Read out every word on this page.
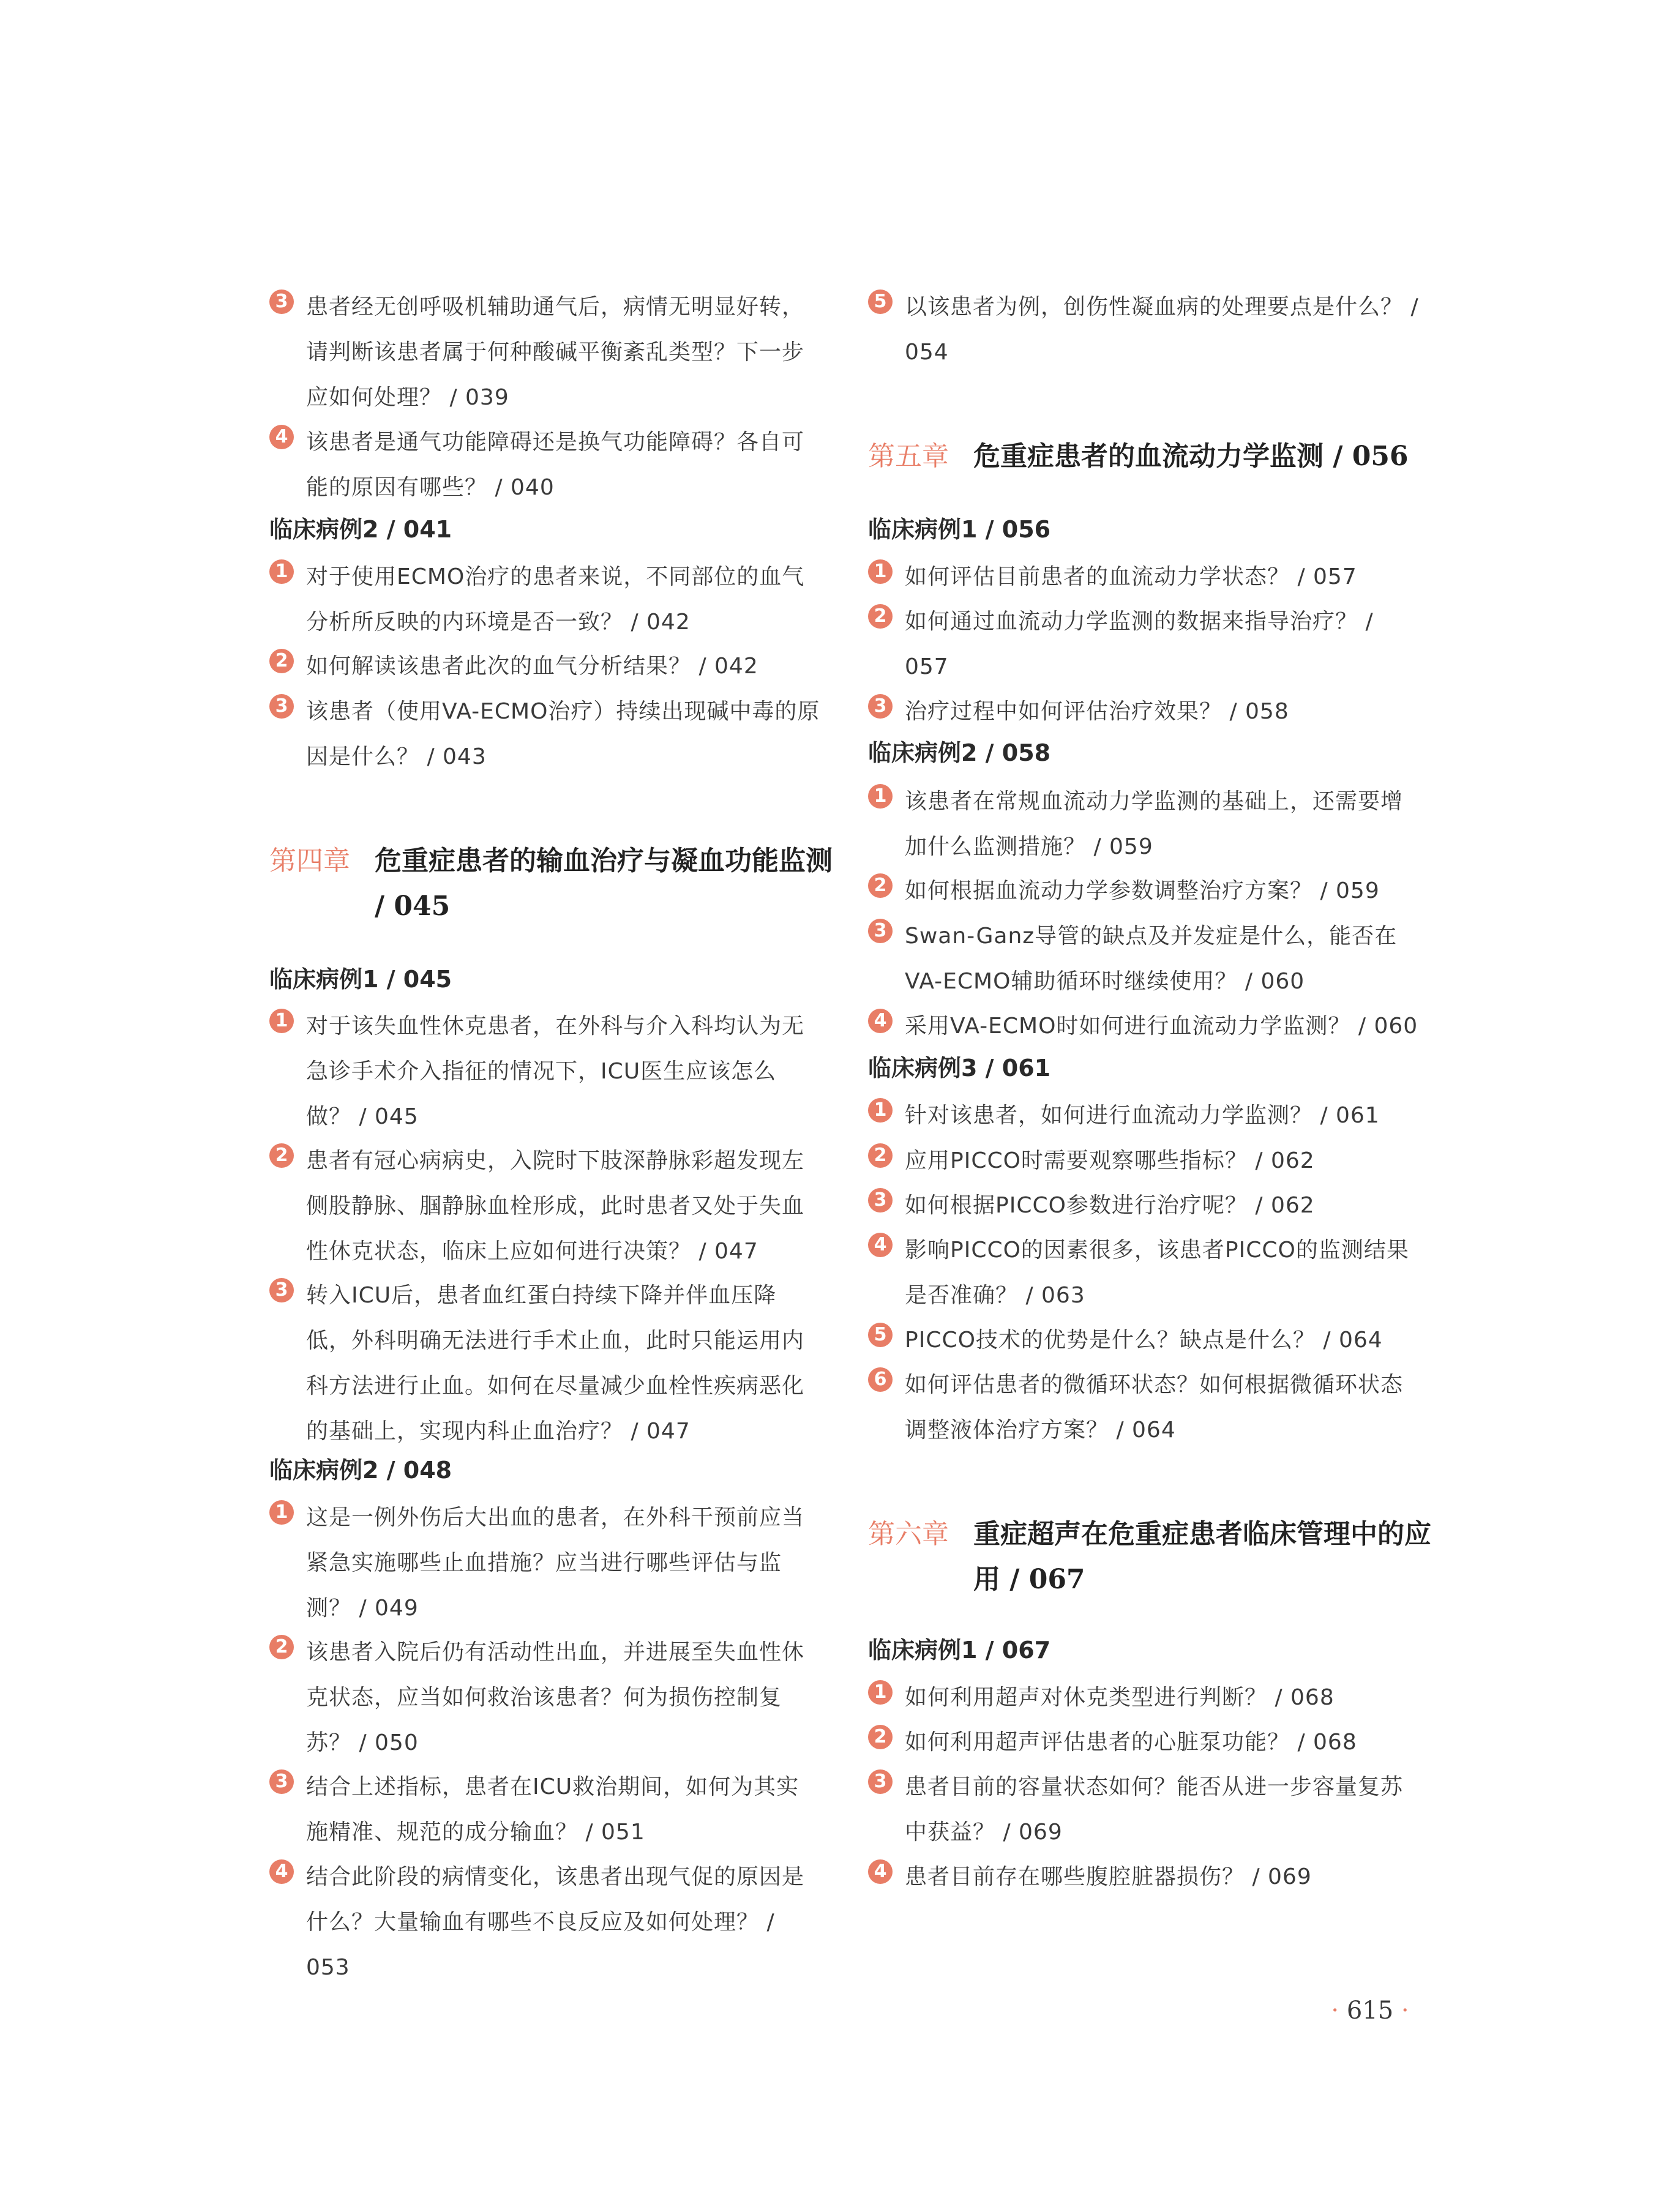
3 患者经无创呼吸机辅助通气后，病情无明显好转，请判断该患者属于何种酸碱平衡紊乱类型？下一步应如何处理？ / 039
4 该患者是通气功能障碍还是换气功能障碍？各自可能的原因有哪些？ / 040
临床病例2 / 041
1 对于使用ECMO治疗的患者来说，不同部位的血气分析所反映的内环境是否一致？ / 042
2 如何解读该患者此次的血气分析结果？ / 042
3 该患者（使用VA-ECMO治疗）持续出现碱中毒的原因是什么？ / 043
第四章 危重症患者的输血治疗与凝血功能监测 / 045
临床病例1 / 045
1 对于该失血性休克患者，在外科与介入科均认为无急诊手术介入指征的情况下，ICU医生应该怎么做？ / 045
2 患者有冠心病病史，入院时下肢深静脉彩超发现左侧股静脉、腘静脉血栓形成，此时患者又处于失血性休克状态，临床上应如何进行决策？ / 047
3 转入ICU后，患者血红蛋白持续下降并伴血压降低，外科明确无法进行手术止血，此时只能运用内科方法进行止血。如何在尽量减少血栓性疾病恶化的基础上，实现内科止血治疗？ / 047
临床病例2 / 048
1 这是一例外伤后大出血的患者，在外科干预前应当紧急实施哪些止血措施？应当进行哪些评估与监测？ / 049
2 该患者入院后仍有活动性出血，并进展至失血性休克状态，应当如何救治该患者？何为损伤控制复苏？ / 050
3 结合上述指标，患者在ICU救治期间，如何为其实施精准、规范的成分输血？ / 051
4 结合此阶段的病情变化，该患者出现气促的原因是什么？大量输血有哪些不良反应及如何处理？ / 053
5 以该患者为例，创伤性凝血病的处理要点是什么？ / 054
第五章 危重症患者的血流动力学监测 / 056
临床病例1 / 056
1 如何评估目前患者的血流动力学状态？ / 057
2 如何通过血流动力学监测的数据来指导治疗？ / 057
3 治疗过程中如何评估治疗效果？ / 058
临床病例2 / 058
1 该患者在常规血流动力学监测的基础上，还需要增加什么监测措施？ / 059
2 如何根据血流动力学参数调整治疗方案？ / 059
3 Swan-Ganz导管的缺点及并发症是什么，能否在VA-ECMO辅助循环时继续使用？ / 060
4 采用VA-ECMO时如何进行血流动力学监测？ / 060
临床病例3 / 061
1 针对该患者，如何进行血流动力学监测？ / 061
2 应用PICCO时需要观察哪些指标？ / 062
3 如何根据PICCO参数进行治疗呢？ / 062
4 影响PICCO的因素很多，该患者PICCO的监测结果是否准确？ / 063
5 PICCO技术的优势是什么？缺点是什么？ / 064
6 如何评估患者的微循环状态？如何根据微循环状态调整液体治疗方案？ / 064
第六章 重症超声在危重症患者临床管理中的应用 / 067
临床病例1 / 067
1 如何利用超声对休克类型进行判断？ / 068
2 如何利用超声评估患者的心脏泵功能？ / 068
3 患者目前的容量状态如何？能否从进一步容量复苏中获益？ / 069
4 患者目前存在哪些腹腔脏器损伤？ / 069
· 615 ·
